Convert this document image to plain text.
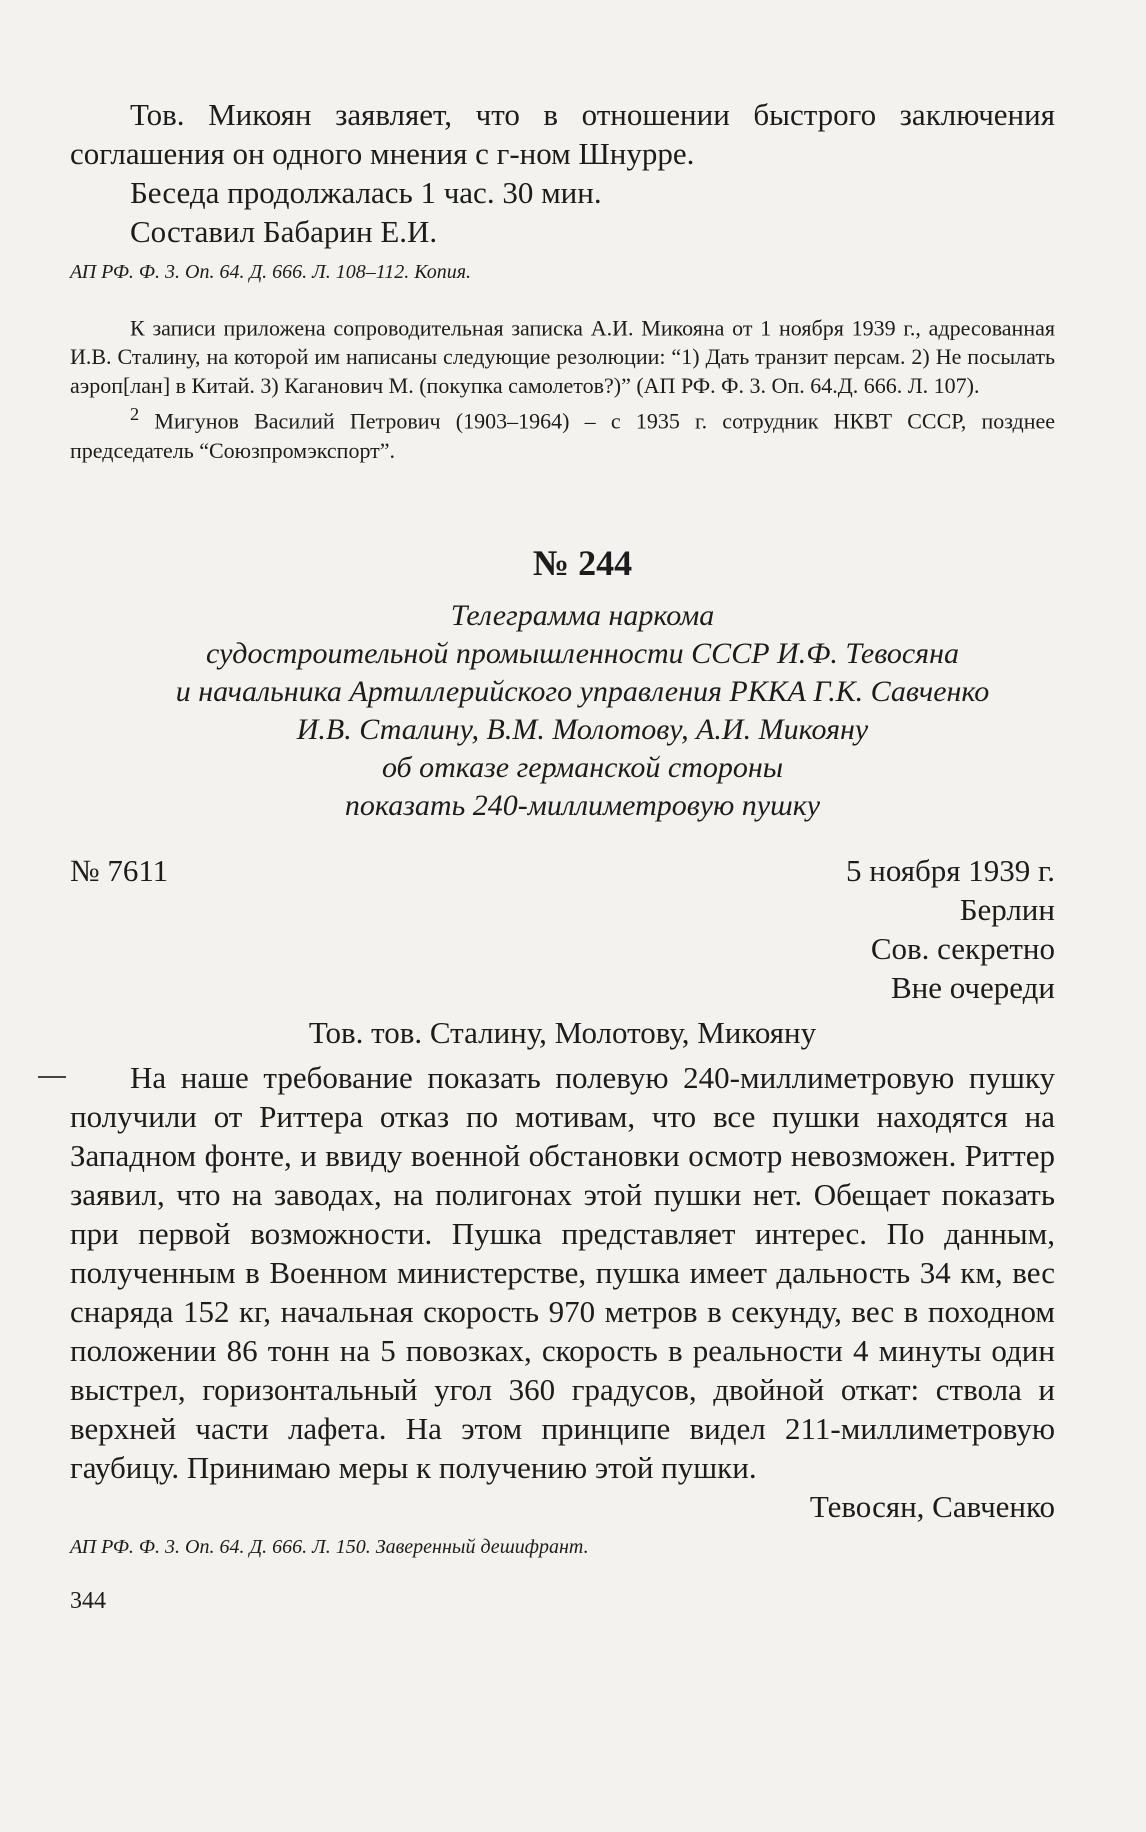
Тов. Микоян заявляет, что в отношении быстрого заключения соглашения он одного мнения с г-ном Шнурре.

Беседа продолжалась 1 час. 30 мин.

Составил Бабарин Е.И.

АП РФ. Ф. 3. Оп. 64. Д. 666. Л. 108–112. Копия.

К записи приложена сопроводительная записка А.И. Микояна от 1 ноября 1939 г., адресованная И.В. Сталину, на которой им написаны следующие резолюции: “1) Дать транзит персам. 2) Не посылать аэроп[лан] в Китай. 3) Каганович М. (покупка самолетов?)” (АП РФ. Ф. 3. Оп. 64.Д. 666. Л. 107).

$^2$ Мигунов Василий Петрович (1903–1964) – с 1935 г. сотрудник НКВТ СССР, позднее председатель “Союзпромэкспорт”.

№ 244

Телеграмма наркома

судостроительной промышленности СССР И.Ф. Тевосяна

и начальника Артиллерийского управления РККА Г.К. Савченко

И.В. Сталину, В.М. Молотову, А.И. Микояну

об отказе германской стороны

показать 240-миллиметровую пушку

№ 7611	5 ноября 1939 г.

Берлин

Сов. секретно

Вне очереди

Тов. тов. Сталину, Молотову, Микояну

На наше требование показать полевую 240-миллиметровую пушку получили от Риттера отказ по мотивам, что все пушки находятся на Западном фонте, и ввиду военной обстановки осмотр невозможен. Риттер заявил, что на заводах, на полигонах этой пушки нет. Обещает показать при первой возможности. Пушка представляет интерес. По данным, полученным в Военном министерстве, пушка имеет дальность 34 км, вес снаряда 152 кг, начальная скорость 970 метров в секунду, вес в походном положении 86 тонн на 5 повозках, скорость в реальности 4 минуты один выстрел, горизонтальный угол 360 градусов, двойной откат: ствола и верхней части лафета. На этом принципе видел 211-миллиметровую гаубицу. Принимаю меры к получению этой пушки.

Тевосян, Савченко

АП РФ. Ф. 3. Оп. 64. Д. 666. Л. 150. Заверенный дешифрант.

344
